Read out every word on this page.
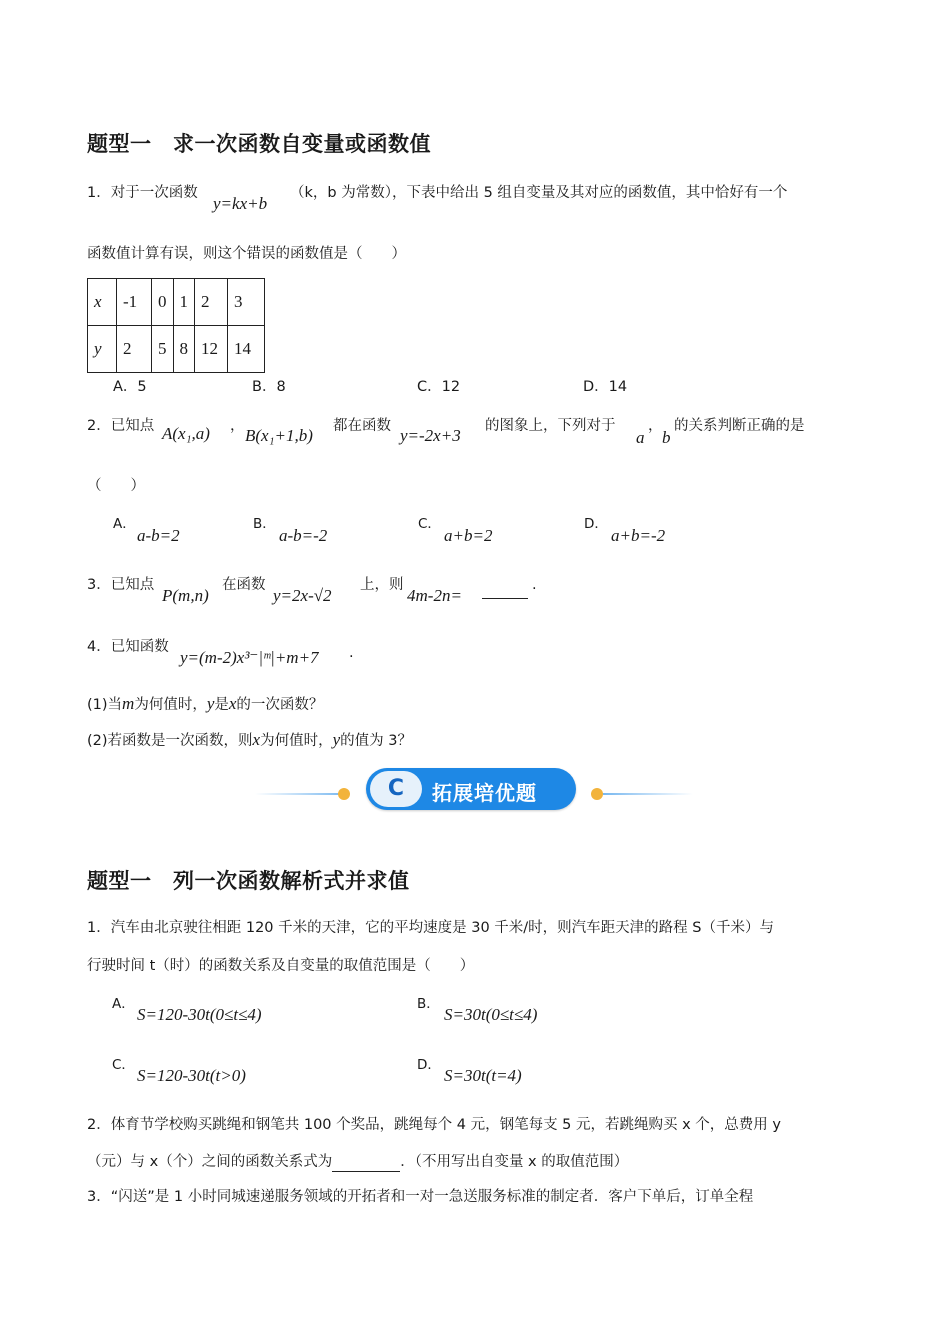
题型一　求一次函数自变量或函数值
1．对于一次函数
y=kx+b
（k，b 为常数），下表中给出 5 组自变量及其对应的函数值，其中恰好有一个
函数值计算有误，则这个错误的函数值是（　　）
x	-1	0	1	2	3
y	2	5	8	12	14
A．5	B．8	C．12	D．14
2．已知点 A(x₁,a) ， B(x₁+1,b) 都在函数 y=-2x+3 的图象上，下列对于
a
，
b
的关系判断正确的是
（　　）
A．
a-b=2
B．
a-b=-2
C．
a+b=2
D．
a+b=-2
3．已知点
P(m,n)
在函数
y=2x-√2
上，则
4m-2n=
.
4．已知函数
y=(m-2)x³⁻|ᵐ|+m+7 .
(1)当m为何值时，y是x的一次函数？
(2)若函数是一次函数，则x为何值时，y的值为 3？
C	拓展培优题
题型一　列一次函数解析式并求值
1．汽车由北京驶往相距 120 千米的天津，它的平均速度是 30 千米/时，则汽车距天津的路程 S（千米）与
行驶时间 t（时）的函数关系及自变量的取值范围是（　　）
A．
S=120-30t(0≤t≤4)
B．
S=30t(0≤t≤4)
C．
S=120-30t(t>0)
D．
S=30t(t=4)
2．体育节学校购买跳绳和钢笔共 100 个奖品，跳绳每个 4 元，钢笔每支 5 元，若跳绳购买 x 个，总费用 y
（元）与 x（个）之间的函数关系式为	．（不用写出自变量 x 的取值范围）
3．“闪送”是 1 小时同城速递服务领域的开拓者和一对一急送服务标准的制定者．客户下单后，订单全程
